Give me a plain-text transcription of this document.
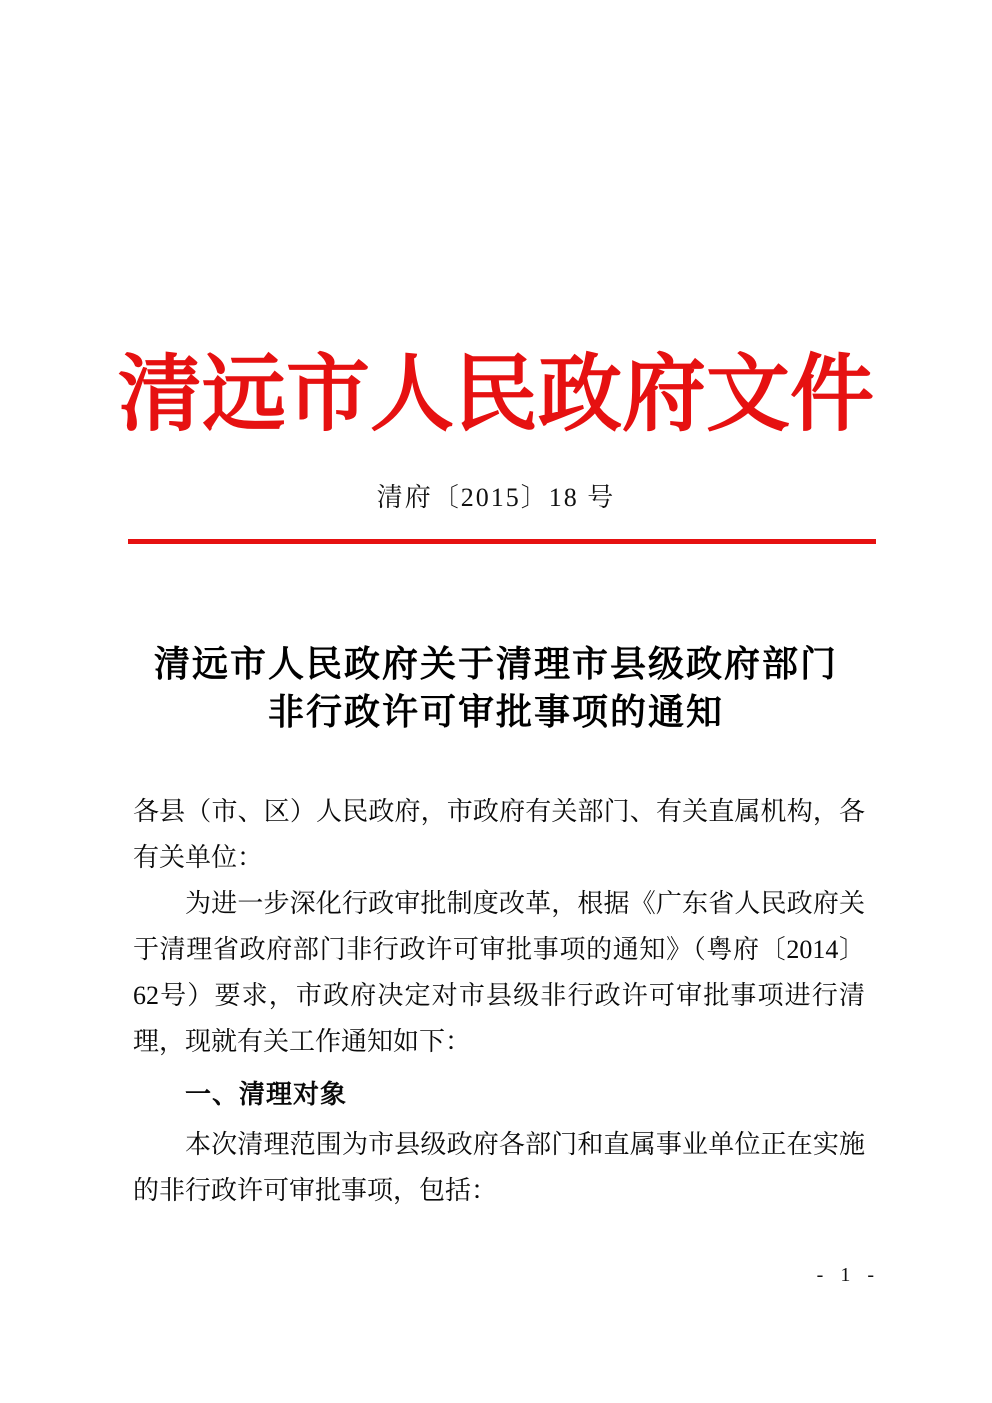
清远市人民政府文件
清府〔2015〕18 号
清远市人民政府关于清理市县级政府部门
非行政许可审批事项的通知

各县（市、区）人民政府，市政府有关部门、有关直属机构，各有关单位：

为进一步深化行政审批制度改革，根据《广东省人民政府关于清理省政府部门非行政许可审批事项的通知》（粤府〔2014〕62号）要求，市政府决定对市县级非行政许可审批事项进行清理，现就有关工作通知如下：

一、清理对象

本次清理范围为市县级政府各部门和直属事业单位正在实施的非行政许可审批事项，包括：

- 1 -
